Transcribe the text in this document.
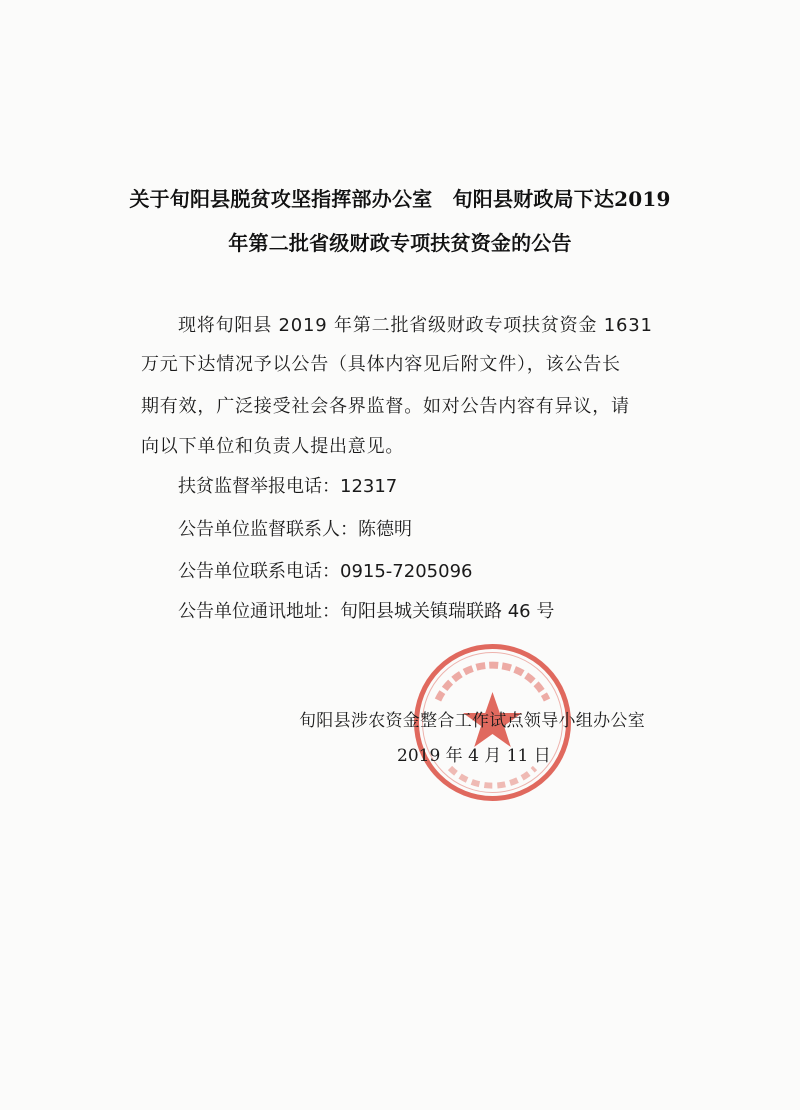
关于旬阳县脱贫攻坚指挥部办公室　旬阳县财政局下达2019
年第二批省级财政专项扶贫资金的公告
现将旬阳县 2019 年第二批省级财政专项扶贫资金 1631
万元下达情况予以公告（具体内容见后附文件），该公告长
期有效，广泛接受社会各界监督。如对公告内容有异议，请
向以下单位和负责人提出意见。
扶贫监督举报电话：12317
公告单位监督联系人：陈德明
公告单位联系电话：0915-7205096
公告单位通讯地址：旬阳县城关镇瑞联路 46 号
旬阳县涉农资金整合工作试点领导小组办公室
2019 年 4 月 11 日
